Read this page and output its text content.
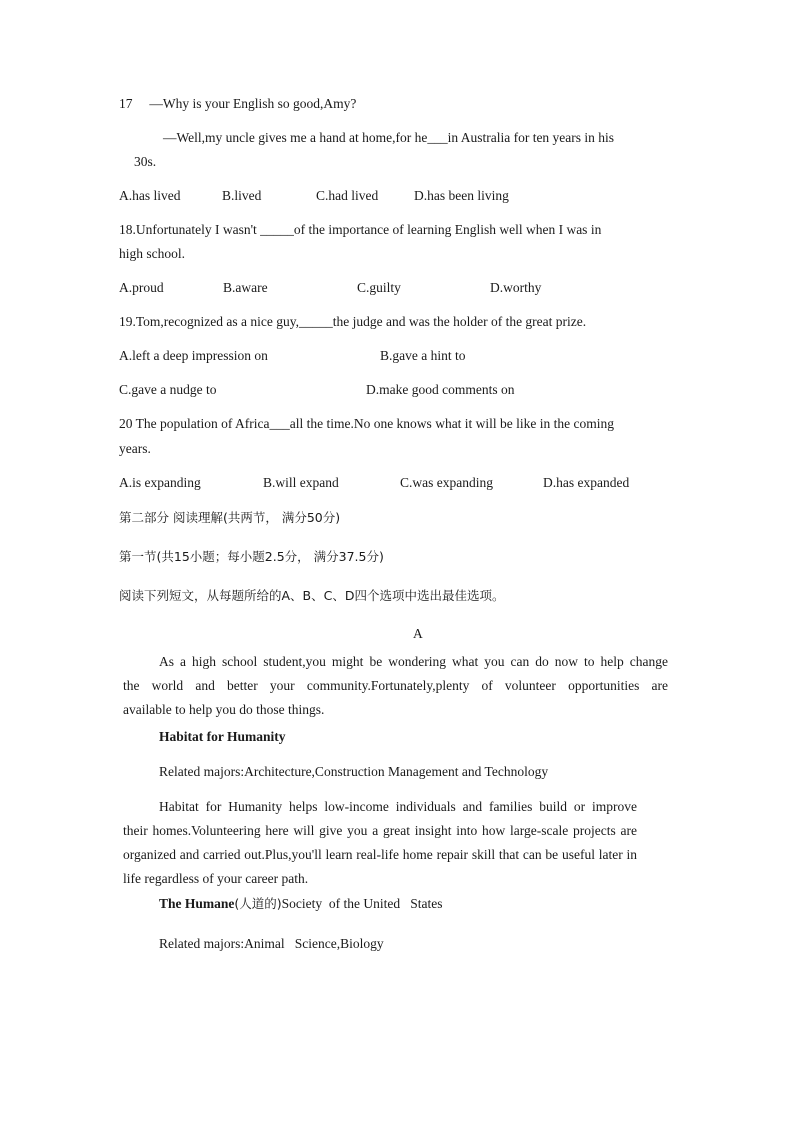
17　 —Why is your English so good,Amy?
—Well,my uncle gives me a hand at home,for he___in Australia for ten years in his
30s.
A.has lived	B.lived	C.had lived	D.has been living
18.Unfortunately I wasn't _____of the importance of learning English well when I was in
high school.
A.proud	B.aware	C.guilty	D.worthy
19.Tom,recognized as a nice guy,_____the judge and was the holder of the great prize.
A.left a deep impression on	B.gave a hint to
C.gave a nudge to	D.make good comments on
20 The population of Africa___all the time.No one knows what it will be like in the coming
years.
A.is expanding	B.will expand	C.was expanding	D.has expanded
第二部分 阅读理解(共两节， 满分50分)
第一节(共15小题；每小题2.5分， 满分37.5分)
阅读下列短文，从每题所给的A、B、C、D四个选项中选出最佳选项。
A
As a high school student,you might be wondering what you can do now to help change
the world and better your community.Fortunately,plenty of volunteer opportunities are
available to help you do those things.
Habitat for Humanity
Related majors:Architecture,Construction Management and Technology
Habitat for Humanity helps low-income individuals and families build or improve
their homes.Volunteering here will give you a great insight into how large-scale projects are
organized and carried out.Plus,you'll learn real-life home repair skill that can be useful later in
life regardless of your career path.
The Humane(人道的)Society  of the United   States
Related majors:Animal   Science,Biology
